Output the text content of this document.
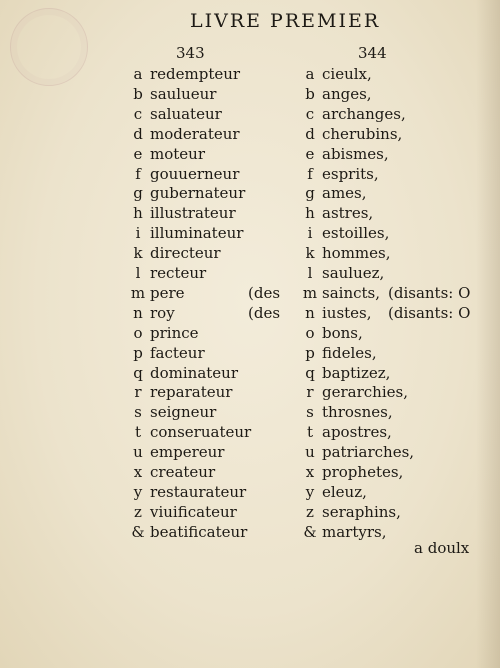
LIVRE PREMIER
343	344
a redempteur
b saulueur
c saluateur
d moderateur
e moteur
f gouuerneur
g gubernateur
h illustrateur
i illuminateur
k directeur
l recteur
m pere	(des
n roy	(des
o prince
p facteur
q dominateur
r reparateur
s seigneur
t conseruateur
u empereur
x createur
y restaurateur
z viuificateur
& beatificateur
a cieulx,
b anges,
c archanges,
d cherubins,
e abismes,
f esprits,
g ames,
h astres,
i estoilles,
k hommes,
l sauluez,
m saincts, (disants: O
n iustes, (disants: O
o bons,
p fideles,
q baptizez,
r gerarchies,
s throsnes,
t apostres,
u patriarches,
x prophetes,
y eleuz,
z seraphins,
& martyrs,
a doulx
